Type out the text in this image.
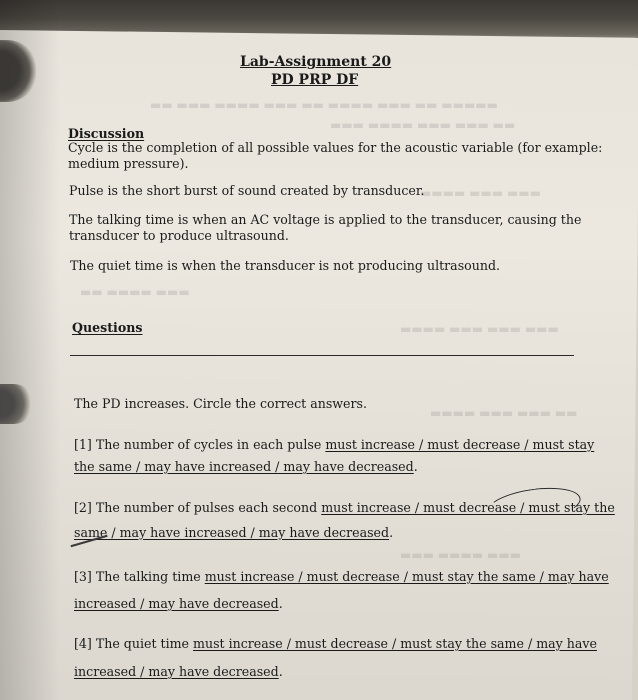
▬▬ ▬▬▬ ▬▬▬▬ ▬▬▬ ▬▬ ▬▬▬▬ ▬▬▬ ▬▬ ▬▬▬▬▬
▬▬▬ ▬▬▬▬ ▬▬▬ ▬▬▬ ▬▬
▬▬▬▬ ▬▬▬ ▬▬▬
▬▬ ▬▬▬▬ ▬▬▬
▬▬▬▬ ▬▬▬ ▬▬▬ ▬▬▬
▬▬▬▬ ▬▬▬ ▬▬▬ ▬▬
▬▬▬ ▬▬▬▬ ▬▬▬
Lab-Assignment 20
PD PRP DF
Discussion
Cycle is the completion of all possible values for the acoustic variable (for example:
medium pressure).
Pulse is the short burst of sound created by transducer.
The talking time is when an AC voltage is applied to the transducer, causing the
transducer to produce ultrasound.
The quiet time is when the transducer is not producing ultrasound.
Questions
The PD increases. Circle the correct answers.
[1] The number of cycles in each pulse must increase / must decrease / must stay
the same / may have increased / may have decreased.
[2] The number of pulses each second must increase / must decrease / must stay the
same / may have increased / may have decreased.
[3] The talking time must increase / must decrease / must stay the same / may have
increased / may have decreased.
[4] The quiet time must increase / must decrease / must stay the same / may have
increased / may have decreased.
